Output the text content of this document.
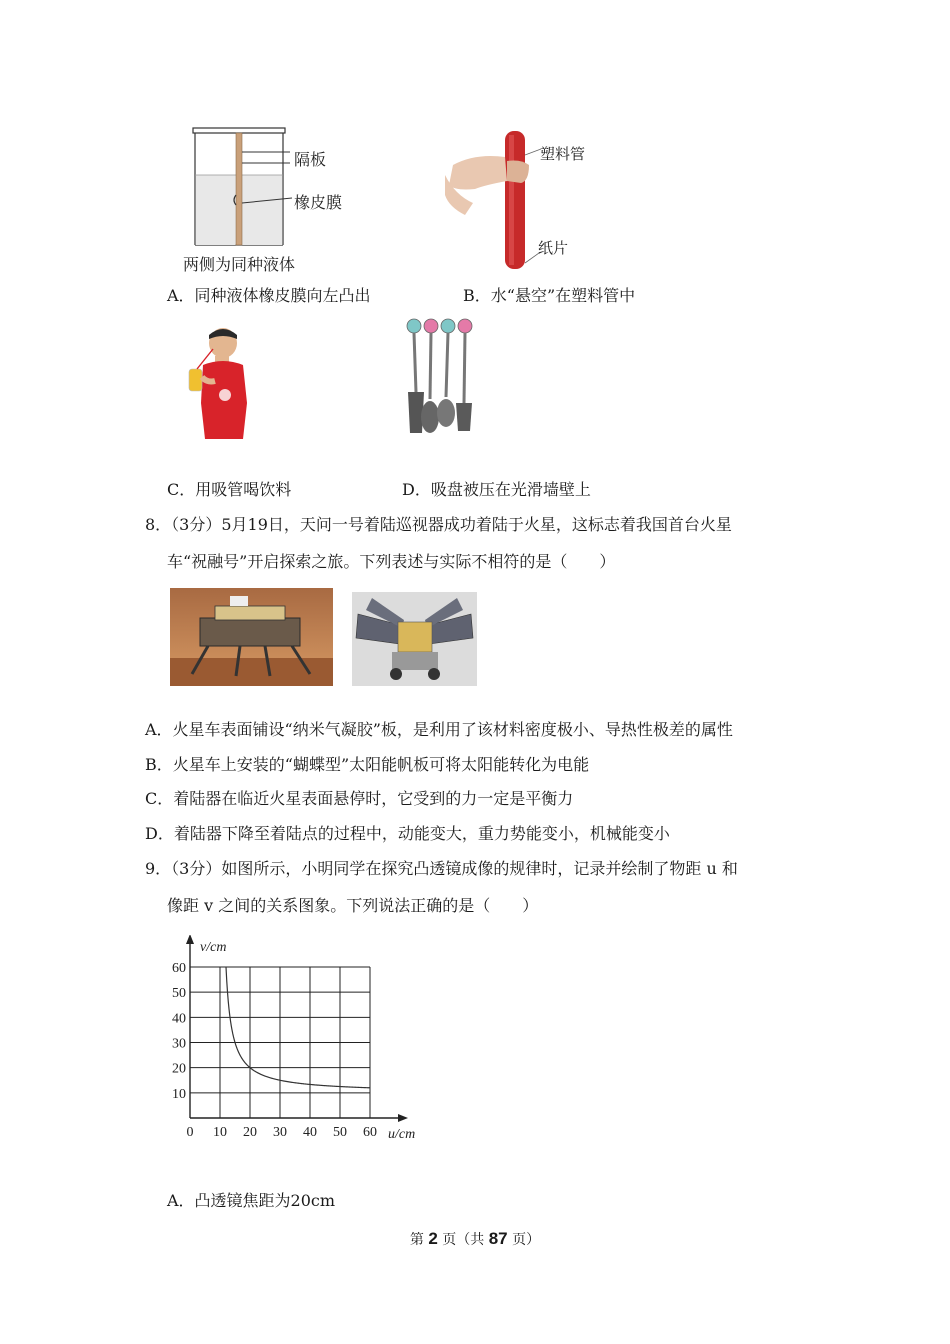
隔板
橡皮膜
两侧为同种液体
塑料管
纸片
A．同种液体橡皮膜向左凸出	B．水“悬空”在塑料管中
C．用吸管喝饮料	D．吸盘被压在光滑墙壁上
8．（3分）5月19日，天问一号着陆巡视器成功着陆于火星，这标志着我国首台火星
车“祝融号”开启探索之旅。下列表述与实际不相符的是（　　）
A．火星车表面铺设“纳米气凝胶”板，是利用了该材料密度极小、导热性极差的属性
B．火星车上安装的“蝴蝶型”太阳能帆板可将太阳能转化为电能
C．着陆器在临近火星表面悬停时，它受到的力一定是平衡力
D．着陆器下降至着陆点的过程中，动能变大，重力势能变小，机械能变小
9．（3分）如图所示，小明同学在探究凸透镜成像的规律时，记录并绘制了物距 u 和
像距 v 之间的关系图象。下列说法正确的是（　　）
0 10 20 30 40 50 60
10
20
30
40
50
60
u/cm
v/cm
A．凸透镜焦距为20cm
第 2 页（共 87 页）
